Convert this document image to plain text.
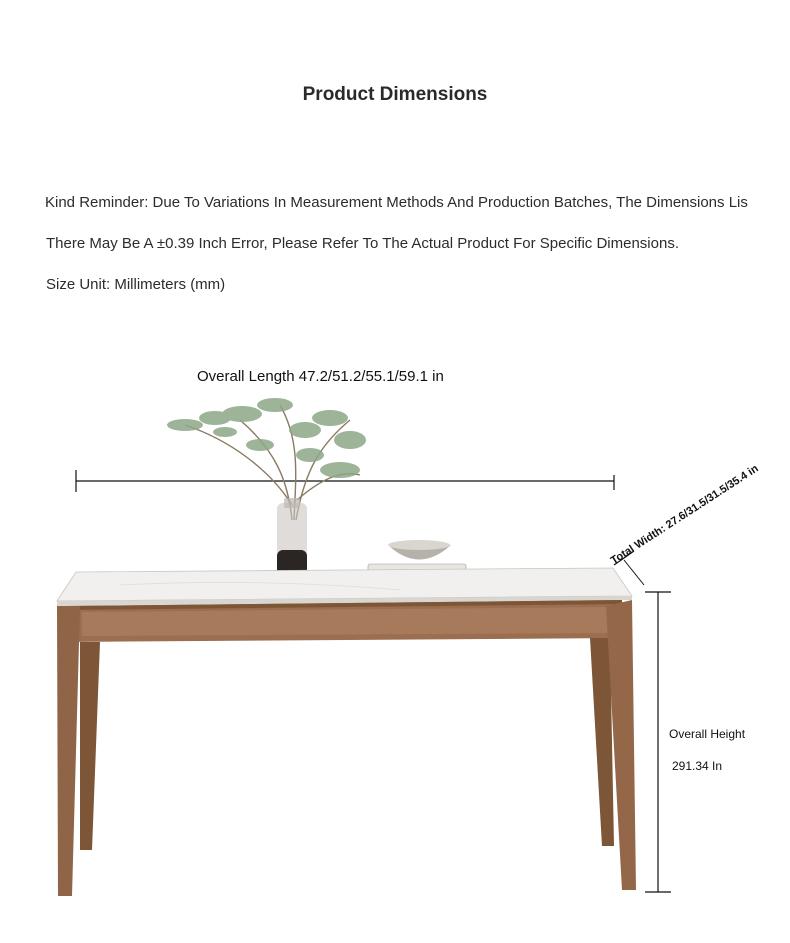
Product Dimensions
Kind Reminder: Due To Variations In Measurement Methods And Production Batches, The Dimensions Lis
There May Be A ±0.39 Inch Error, Please Refer To The Actual Product For Specific Dimensions.
Size Unit: Millimeters (mm)
Overall Length 47.2/51.2/55.1/59.1 in
Total Width: 27.6/31.5/31.5/35.4 in
Overall Height
291.34 In
